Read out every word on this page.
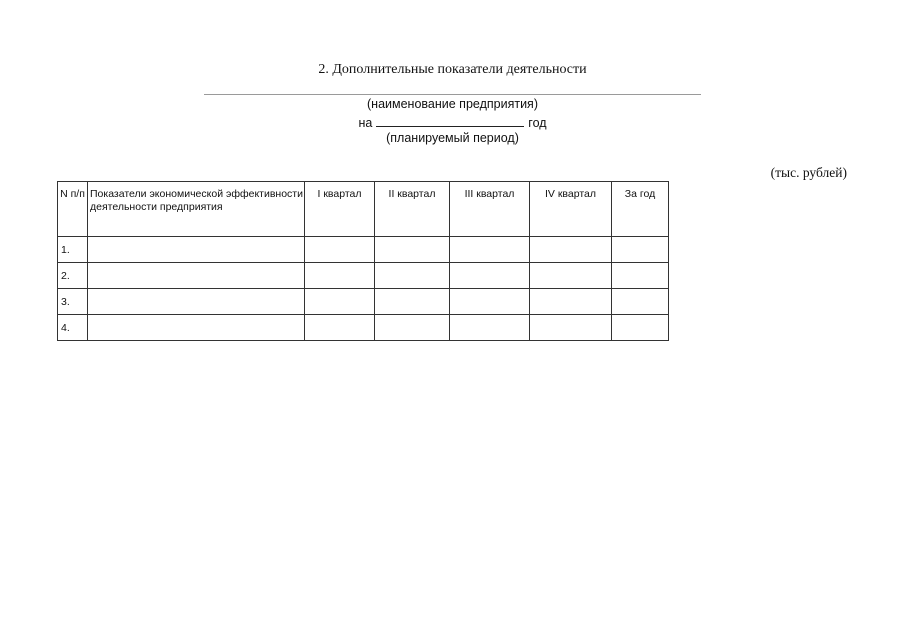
2. Дополнительные показатели деятельности
(наименование предприятия)
на	год
(планируемый период)
(тыс. рублей)
N п/п	Показатели экономической эффективности деятельности предприятия	I квартал	II квартал	III квартал	IV квартал	За год
1.						
2.						
3.						
4.						
